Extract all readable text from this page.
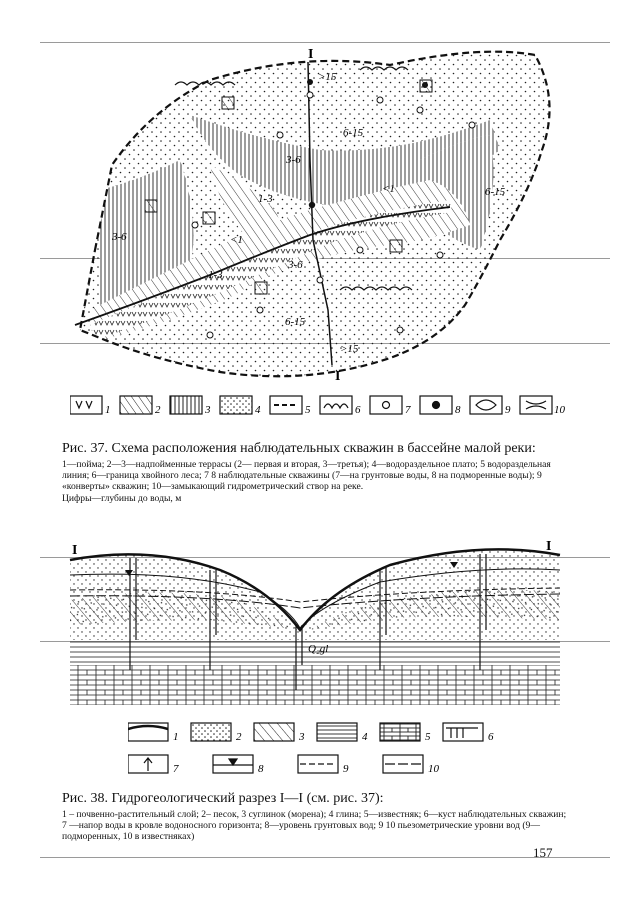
I
I
>15
6-15
3-6
1-3
<1	6-15
3-6	<1
1-3
3-6
6-15
>15
1	2	3	4	5	6	7	8	9	10
Рис. 37. Схема расположения наблюдательных скважин в бассейне малой реки:

1—пойма; 2—3—надпойменные террасы (2— первая и вторая, 3—третья); 4—водораздельное плато; 5 водораздельная линия; 6—граница хвойного леса; 7 8 наблюдательные скважины (7—на грунтовые воды, 8 на подморенные воды); 9 «конверты» скважин; 10—замыкающий гидрометрический створ на реке.

Цифры—глубины до воды, м

I	I
Q₂gl
1	2	3	4	5	6
7	8	9	10
Рис. 38. Гидрогеологический разрез I—I (см. рис. 37):
1 – почвенно-растительный слой; 2– песок, 3 суглинок (морена); 4 глина; 5—известняк; 6—куст наблюдательных скважин; 7 —напор воды в кровле водоносного горизонта; 8—уровень грунтовых вод; 9 10 пьезометрические уровни вод (9—подморенных, 10 в известняках)
157
